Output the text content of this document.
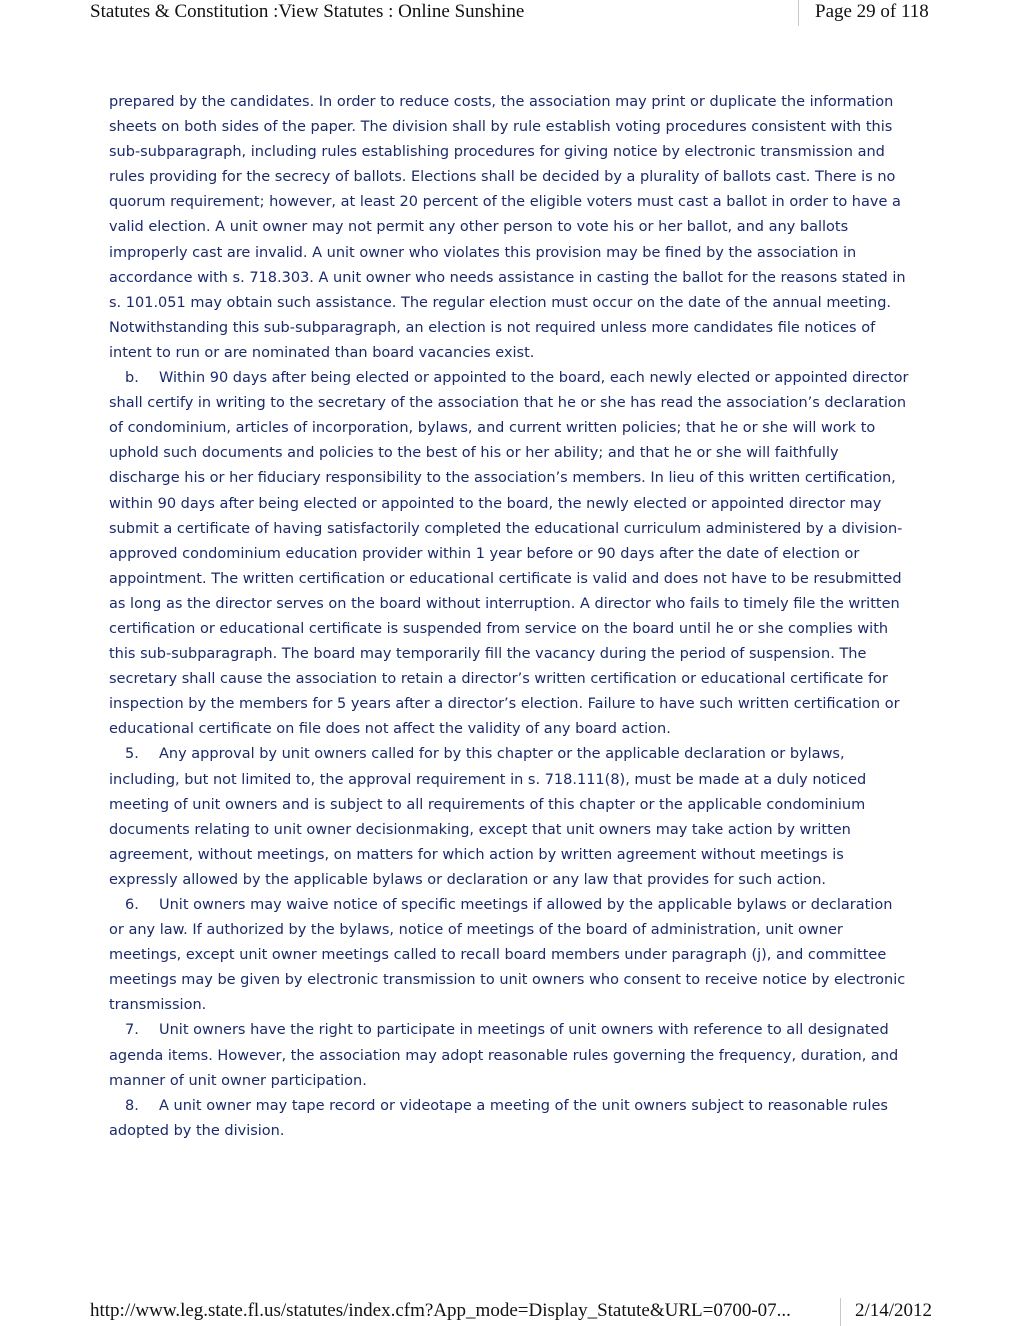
Statutes & Constitution :View Statutes : Online Sunshine	Page 29 of 118

prepared by the candidates. In order to reduce costs, the association may print or duplicate the information sheets on both sides of the paper. The division shall by rule establish voting procedures consistent with this sub-subparagraph, including rules establishing procedures for giving notice by electronic transmission and rules providing for the secrecy of ballots. Elections shall be decided by a plurality of ballots cast. There is no quorum requirement; however, at least 20 percent of the eligible voters must cast a ballot in order to have a valid election. A unit owner may not permit any other person to vote his or her ballot, and any ballots improperly cast are invalid. A unit owner who violates this provision may be fined by the association in accordance with s. 718.303. A unit owner who needs assistance in casting the ballot for the reasons stated in s. 101.051 may obtain such assistance. The regular election must occur on the date of the annual meeting. Notwithstanding this sub-subparagraph, an election is not required unless more candidates file notices of intent to run or are nominated than board vacancies exist.

b. Within 90 days after being elected or appointed to the board, each newly elected or appointed director shall certify in writing to the secretary of the association that he or she has read the association’s declaration of condominium, articles of incorporation, bylaws, and current written policies; that he or she will work to uphold such documents and policies to the best of his or her ability; and that he or she will faithfully discharge his or her fiduciary responsibility to the association’s members. In lieu of this written certification, within 90 days after being elected or appointed to the board, the newly elected or appointed director may submit a certificate of having satisfactorily completed the educational curriculum administered by a division-approved condominium education provider within 1 year before or 90 days after the date of election or appointment. The written certification or educational certificate is valid and does not have to be resubmitted as long as the director serves on the board without interruption. A director who fails to timely file the written certification or educational certificate is suspended from service on the board until he or she complies with this sub-subparagraph. The board may temporarily fill the vacancy during the period of suspension. The secretary shall cause the association to retain a director’s written certification or educational certificate for inspection by the members for 5 years after a director’s election. Failure to have such written certification or educational certificate on file does not affect the validity of any board action.

5. Any approval by unit owners called for by this chapter or the applicable declaration or bylaws, including, but not limited to, the approval requirement in s. 718.111(8), must be made at a duly noticed meeting of unit owners and is subject to all requirements of this chapter or the applicable condominium documents relating to unit owner decisionmaking, except that unit owners may take action by written agreement, without meetings, on matters for which action by written agreement without meetings is expressly allowed by the applicable bylaws or declaration or any law that provides for such action.

6. Unit owners may waive notice of specific meetings if allowed by the applicable bylaws or declaration or any law. If authorized by the bylaws, notice of meetings of the board of administration, unit owner meetings, except unit owner meetings called to recall board members under paragraph (j), and committee meetings may be given by electronic transmission to unit owners who consent to receive notice by electronic transmission.

7. Unit owners have the right to participate in meetings of unit owners with reference to all designated agenda items. However, the association may adopt reasonable rules governing the frequency, duration, and manner of unit owner participation.

8. A unit owner may tape record or videotape a meeting of the unit owners subject to reasonable rules adopted by the division.

http://www.leg.state.fl.us/statutes/index.cfm?App_mode=Display_Statute&URL=0700-07...	2/14/2012
